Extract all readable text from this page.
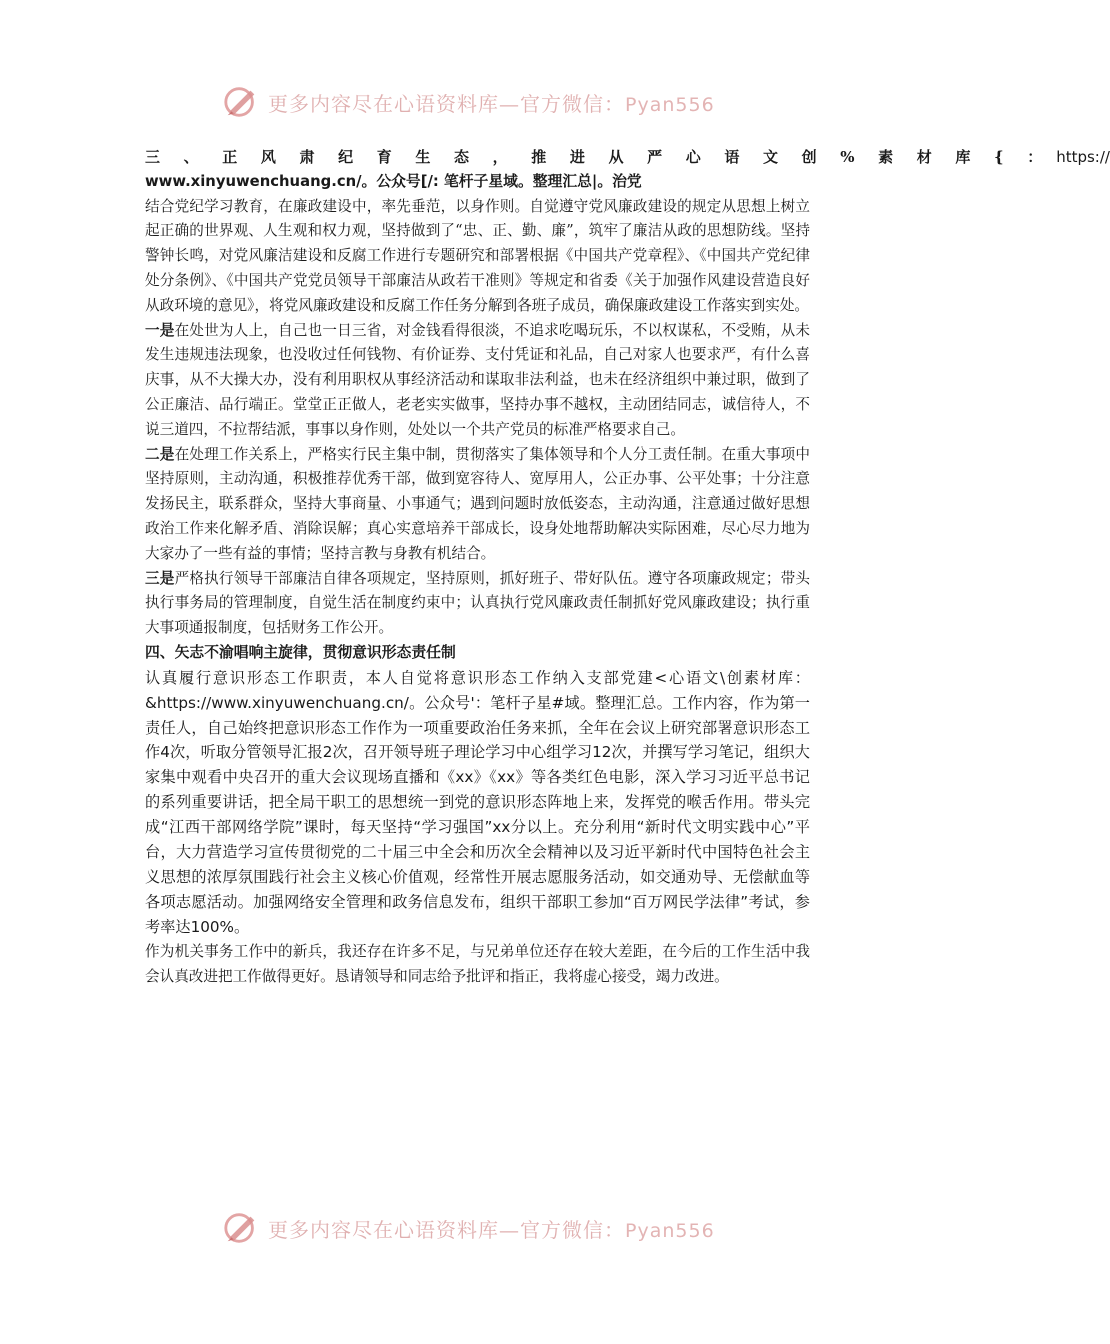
更多内容尽在心语资料库—官方微信：Pyan556

三 、 正 风 肃 纪 育 生 态 ， 推 进 从 严 心 语 文 创 % 素 材 库 { ： https://

www.xinyuwenchuang.cn/。公众号[/: 笔杆子星域。整理汇总|。治党

结合党纪学习教育，在廉政建设中，率先垂范，以身作则。自觉遵守党风廉政建设的规定从思想上树立起正确的世界观、人生观和权力观，坚持做到了“忠、正、勤、廉”，筑牢了廉洁从政的思想防线。坚持警钟长鸣，对党风廉洁建设和反腐工作进行专题研究和部署根据《中国共产党章程》、《中国共产党纪律处分条例》、《中国共产党党员领导干部廉洁从政若干准则》等规定和省委《关于加强作风建设营造良好从政环境的意见》，将党风廉政建设和反腐工作任务分解到各班子成员，确保廉政建设工作落实到实处。

一是在处世为人上，自己也一日三省，对金钱看得很淡，不追求吃喝玩乐，不以权谋私，不受贿，从未发生违规违法现象，也没收过任何钱物、有价证券、支付凭证和礼品，自己对家人也要求严，有什么喜庆事，从不大操大办，没有利用职权从事经济活动和谋取非法利益，也未在经济组织中兼过职，做到了公正廉洁、品行端正。堂堂正正做人，老老实实做事，坚持办事不越权，主动团结同志，诚信待人，不说三道四，不拉帮结派，事事以身作则，处处以一个共产党员的标准严格要求自己。

二是在处理工作关系上，严格实行民主集中制，贯彻落实了集体领导和个人分工责任制。在重大事项中坚持原则，主动沟通，积极推荐优秀干部，做到宽容待人、宽厚用人，公正办事、公平处事；十分注意发扬民主，联系群众，坚持大事商量、小事通气；遇到问题时放低姿态，主动沟通，注意通过做好思想政治工作来化解矛盾、消除误解；真心实意培养干部成长，设身处地帮助解决实际困难，尽心尽力地为大家办了一些有益的事情；坚持言教与身教有机结合。

三是严格执行领导干部廉洁自律各项规定，坚持原则，抓好班子、带好队伍。遵守各项廉政规定；带头执行事务局的管理制度，自觉生活在制度约束中；认真执行党风廉政责任制抓好党风廉政建设；执行重大事项通报制度，包括财务工作公开。

四、矢志不渝唱响主旋律，贯彻意识形态责任制

认真履行意识形态工作职责，本人自觉将意识形态工作纳入支部党建<心语文\创素材库：&https://www.xinyuwenchuang.cn/。公众号'：笔杆子星#域。整理汇总。工作内容，作为第一责任人，自己始终把意识形态工作作为一项重要政治任务来抓，全年在会议上研究部署意识形态工作4次，听取分管领导汇报2次，召开领导班子理论学习中心组学习12次，并撰写学习笔记，组织大家集中观看中央召开的重大会议现场直播和《xx》《xx》等各类红色电影，深入学习习近平总书记的系列重要讲话，把全局干职工的思想统一到党的意识形态阵地上来，发挥党的喉舌作用。带头完成“江西干部网络学院”课时，每天坚持“学习强国”xx分以上。充分利用“新时代文明实践中心”平台，大力营造学习宣传贯彻党的二十届三中全会和历次全会精神以及习近平新时代中国特色社会主义思想的浓厚氛围践行社会主义核心价值观，经常性开展志愿服务活动，如交通劝导、无偿献血等各项志愿活动。加强网络安全管理和政务信息发布，组织干部职工参加“百万网民学法律”考试，参考率达100%。

作为机关事务工作中的新兵，我还存在许多不足，与兄弟单位还存在较大差距，在今后的工作生活中我会认真改进把工作做得更好。恳请领导和同志给予批评和指正，我将虚心接受，竭力改进。

更多内容尽在心语资料库—官方微信：Pyan556
